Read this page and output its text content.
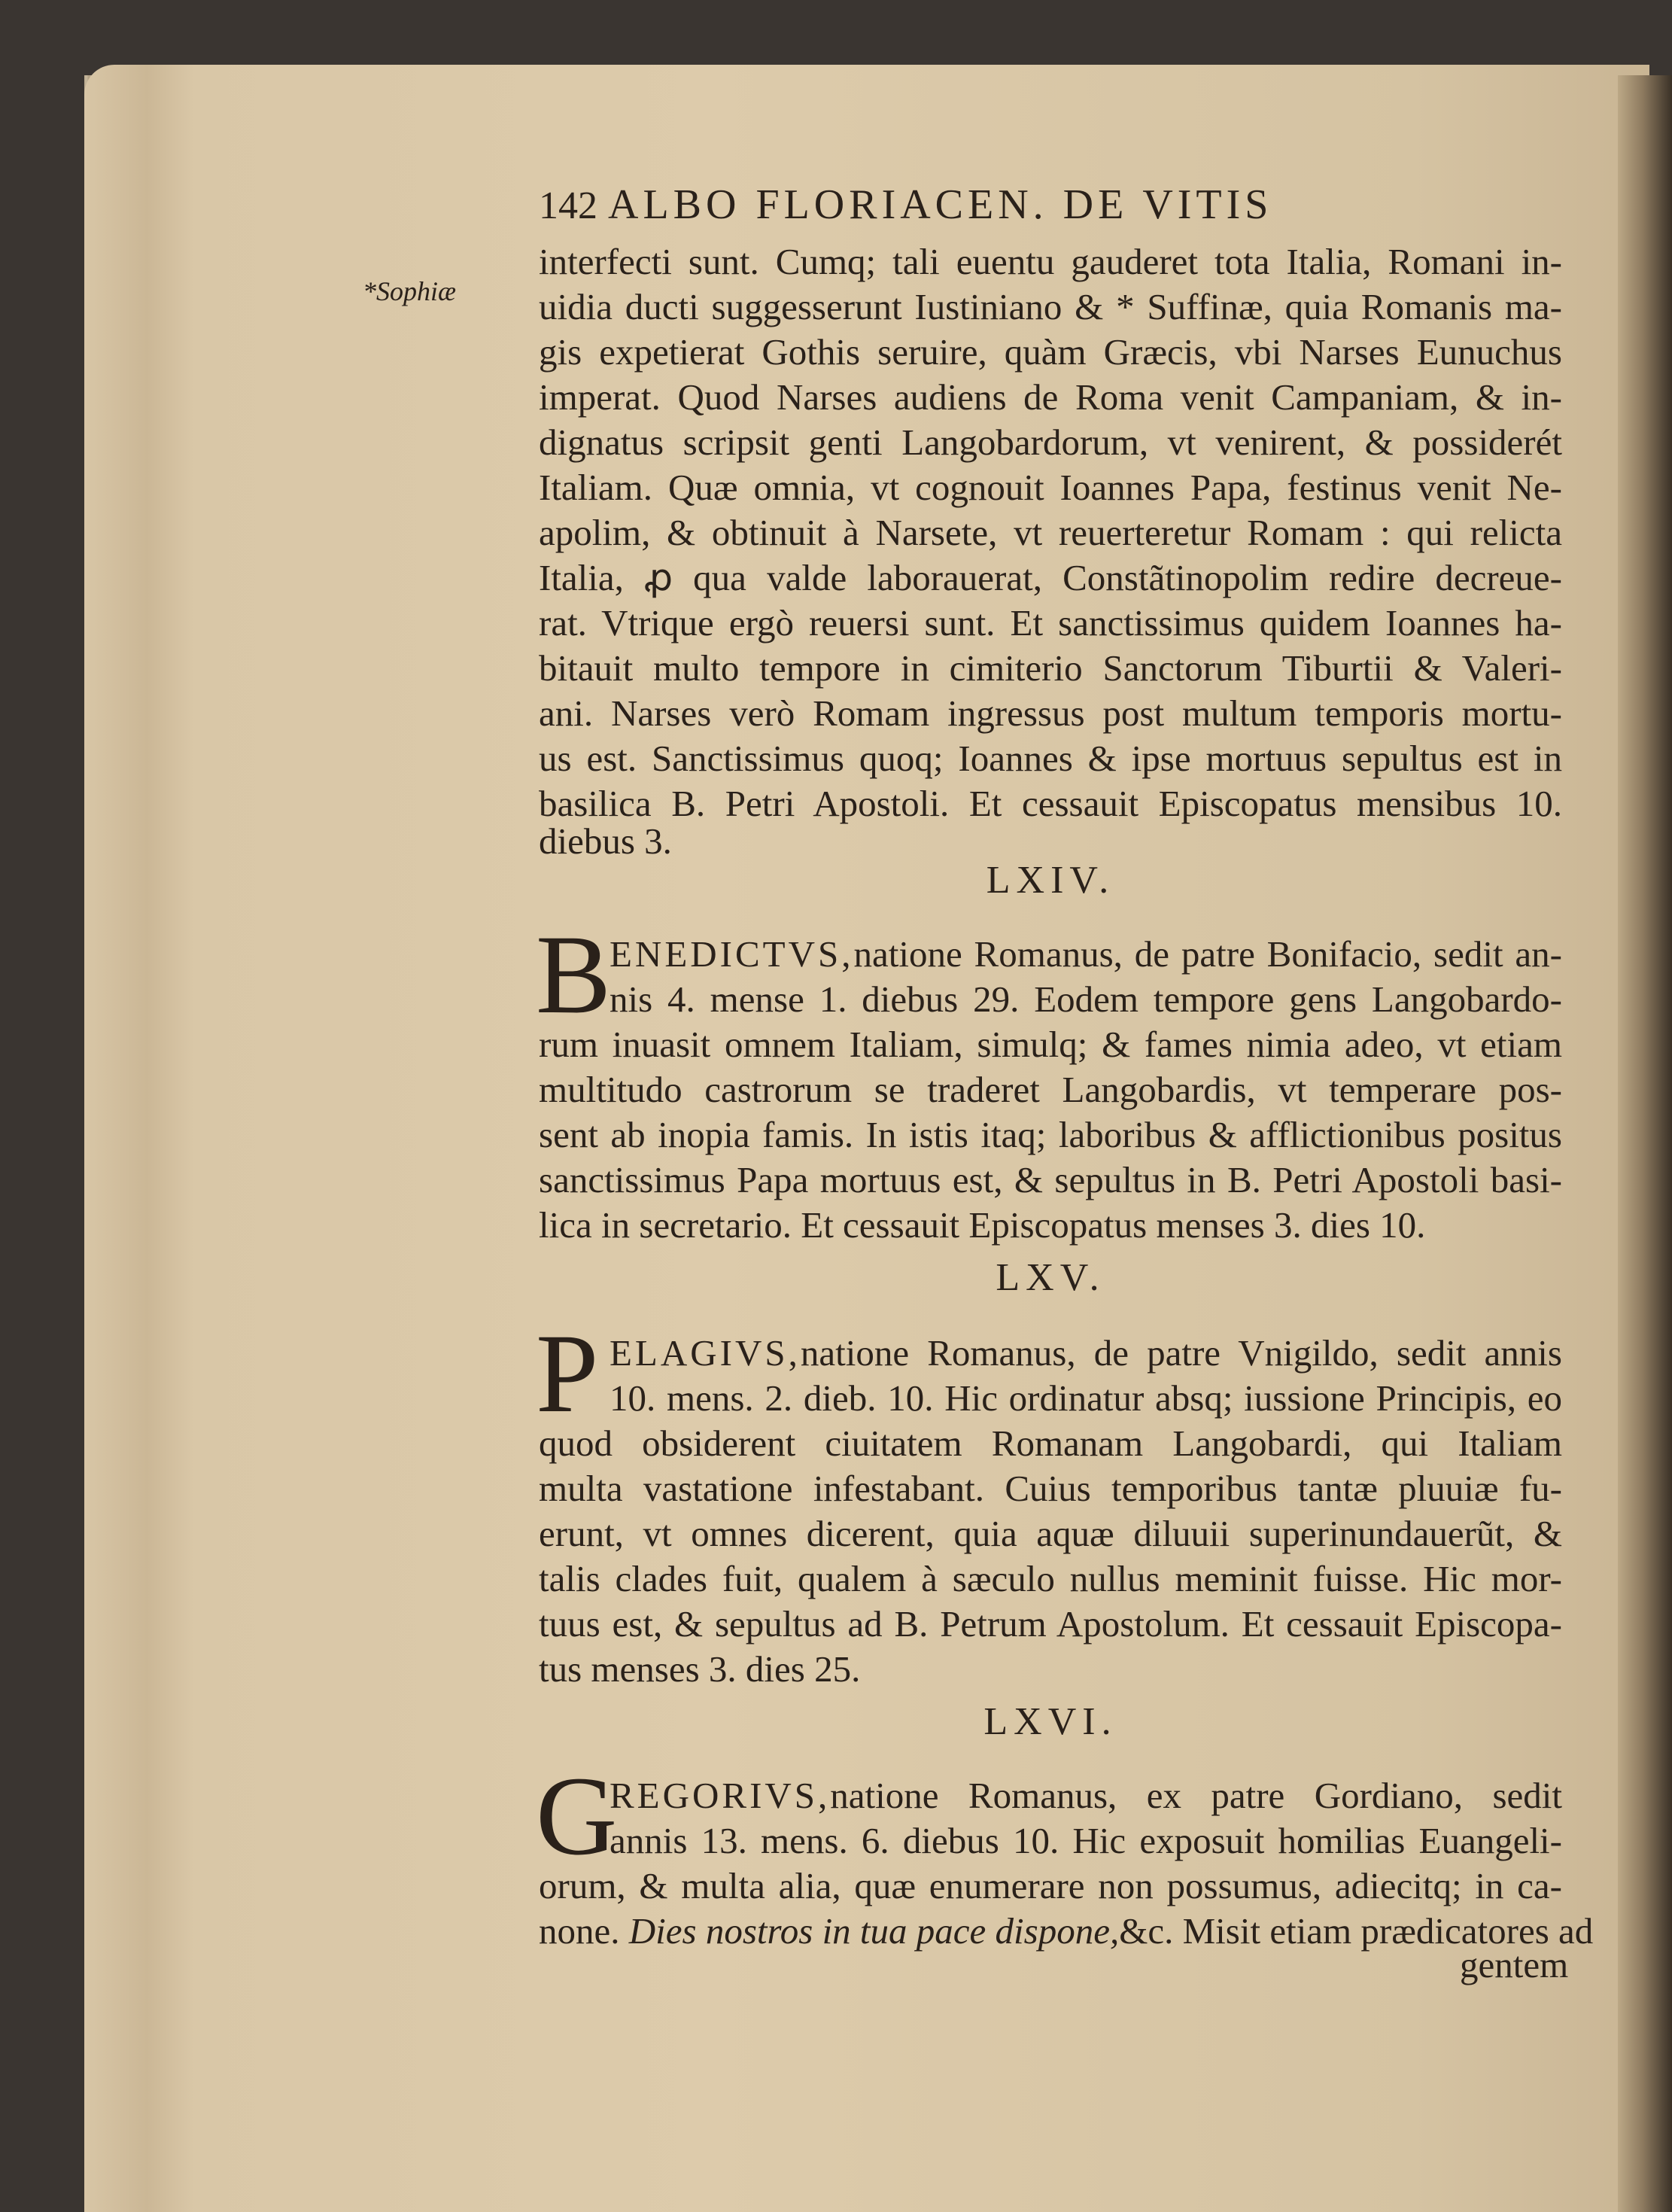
142 ALBO FLORIACEN. DE VITIS
*Sophiæ
interfecti sunt. Cumq; tali euentu gauderet tota Italia, Romani in-
uidia ducti suggesserunt Iustiniano & * Suffinæ, quia Romanis ma-
gis expetierat Gothis seruire, quàm Græcis, vbi Narses Eunuchus
imperat. Quod Narses audiens de Roma venit Campaniam, & in-
dignatus scripsit genti Langobardorum, vt venirent, & possiderét
Italiam. Quæ omnia, vt cognouit Ioannes Papa, festinus venit Ne-
apolim, & obtinuit à Narsete, vt reuerteretur Romam : qui relicta
Italia, ꝓ qua valde laborauerat, Constãtinopolim redire decreue-
rat. Vtrique ergò reuersi sunt. Et sanctissimus quidem Ioannes ha-
bitauit multo tempore in cimiterio Sanctorum Tiburtii & Valeri-
ani. Narses verò Romam ingressus post multum temporis mortu-
us est. Sanctissimus quoq; Ioannes & ipse mortuus sepultus est in
basilica B. Petri Apostoli. Et cessauit Episcopatus mensibus 10.
diebus 3.
LXIV.
B
ENEDICTVS,natione Romanus, de patre Bonifacio, sedit an-
nis 4. mense 1. diebus 29. Eodem tempore gens Langobardo-
rum inuasit omnem Italiam, simulq; & fames nimia adeo, vt etiam
multitudo castrorum se traderet Langobardis, vt temperare pos-
sent ab inopia famis. In istis itaq; laboribus & afflictionibus positus
sanctissimus Papa mortuus est, & sepultus in B. Petri Apostoli basi-
lica in secretario. Et cessauit Episcopatus menses 3. dies 10.
LXV.
P ELAGIVS,natione Romanus, de patre Vnigildo, sedit annis
10. mens. 2. dieb. 10. Hic ordinatur absq; iussione Principis, eo
quod obsiderent ciuitatem Romanam Langobardi, qui Italiam
multa vastatione infestabant. Cuius temporibus tantæ pluuiæ fu-
erunt, vt omnes dicerent, quia aquæ diluuii superinundauerũt, &
talis clades fuit, qualem à sæculo nullus meminit fuisse. Hic mor-
tuus est, & sepultus ad B. Petrum Apostolum. Et cessauit Episcopa-
tus menses 3. dies 25.
LXVI.
G
REGORIVS,natione Romanus, ex patre Gordiano, sedit
annis 13. mens. 6. diebus 10. Hic exposuit homilias Euangeli-
orum, & multa alia, quæ enumerare non possumus, adiecitq; in ca-
none. Dies nostros in tua pace dispone,&c. Misit etiam prædicatores ad
gentem
